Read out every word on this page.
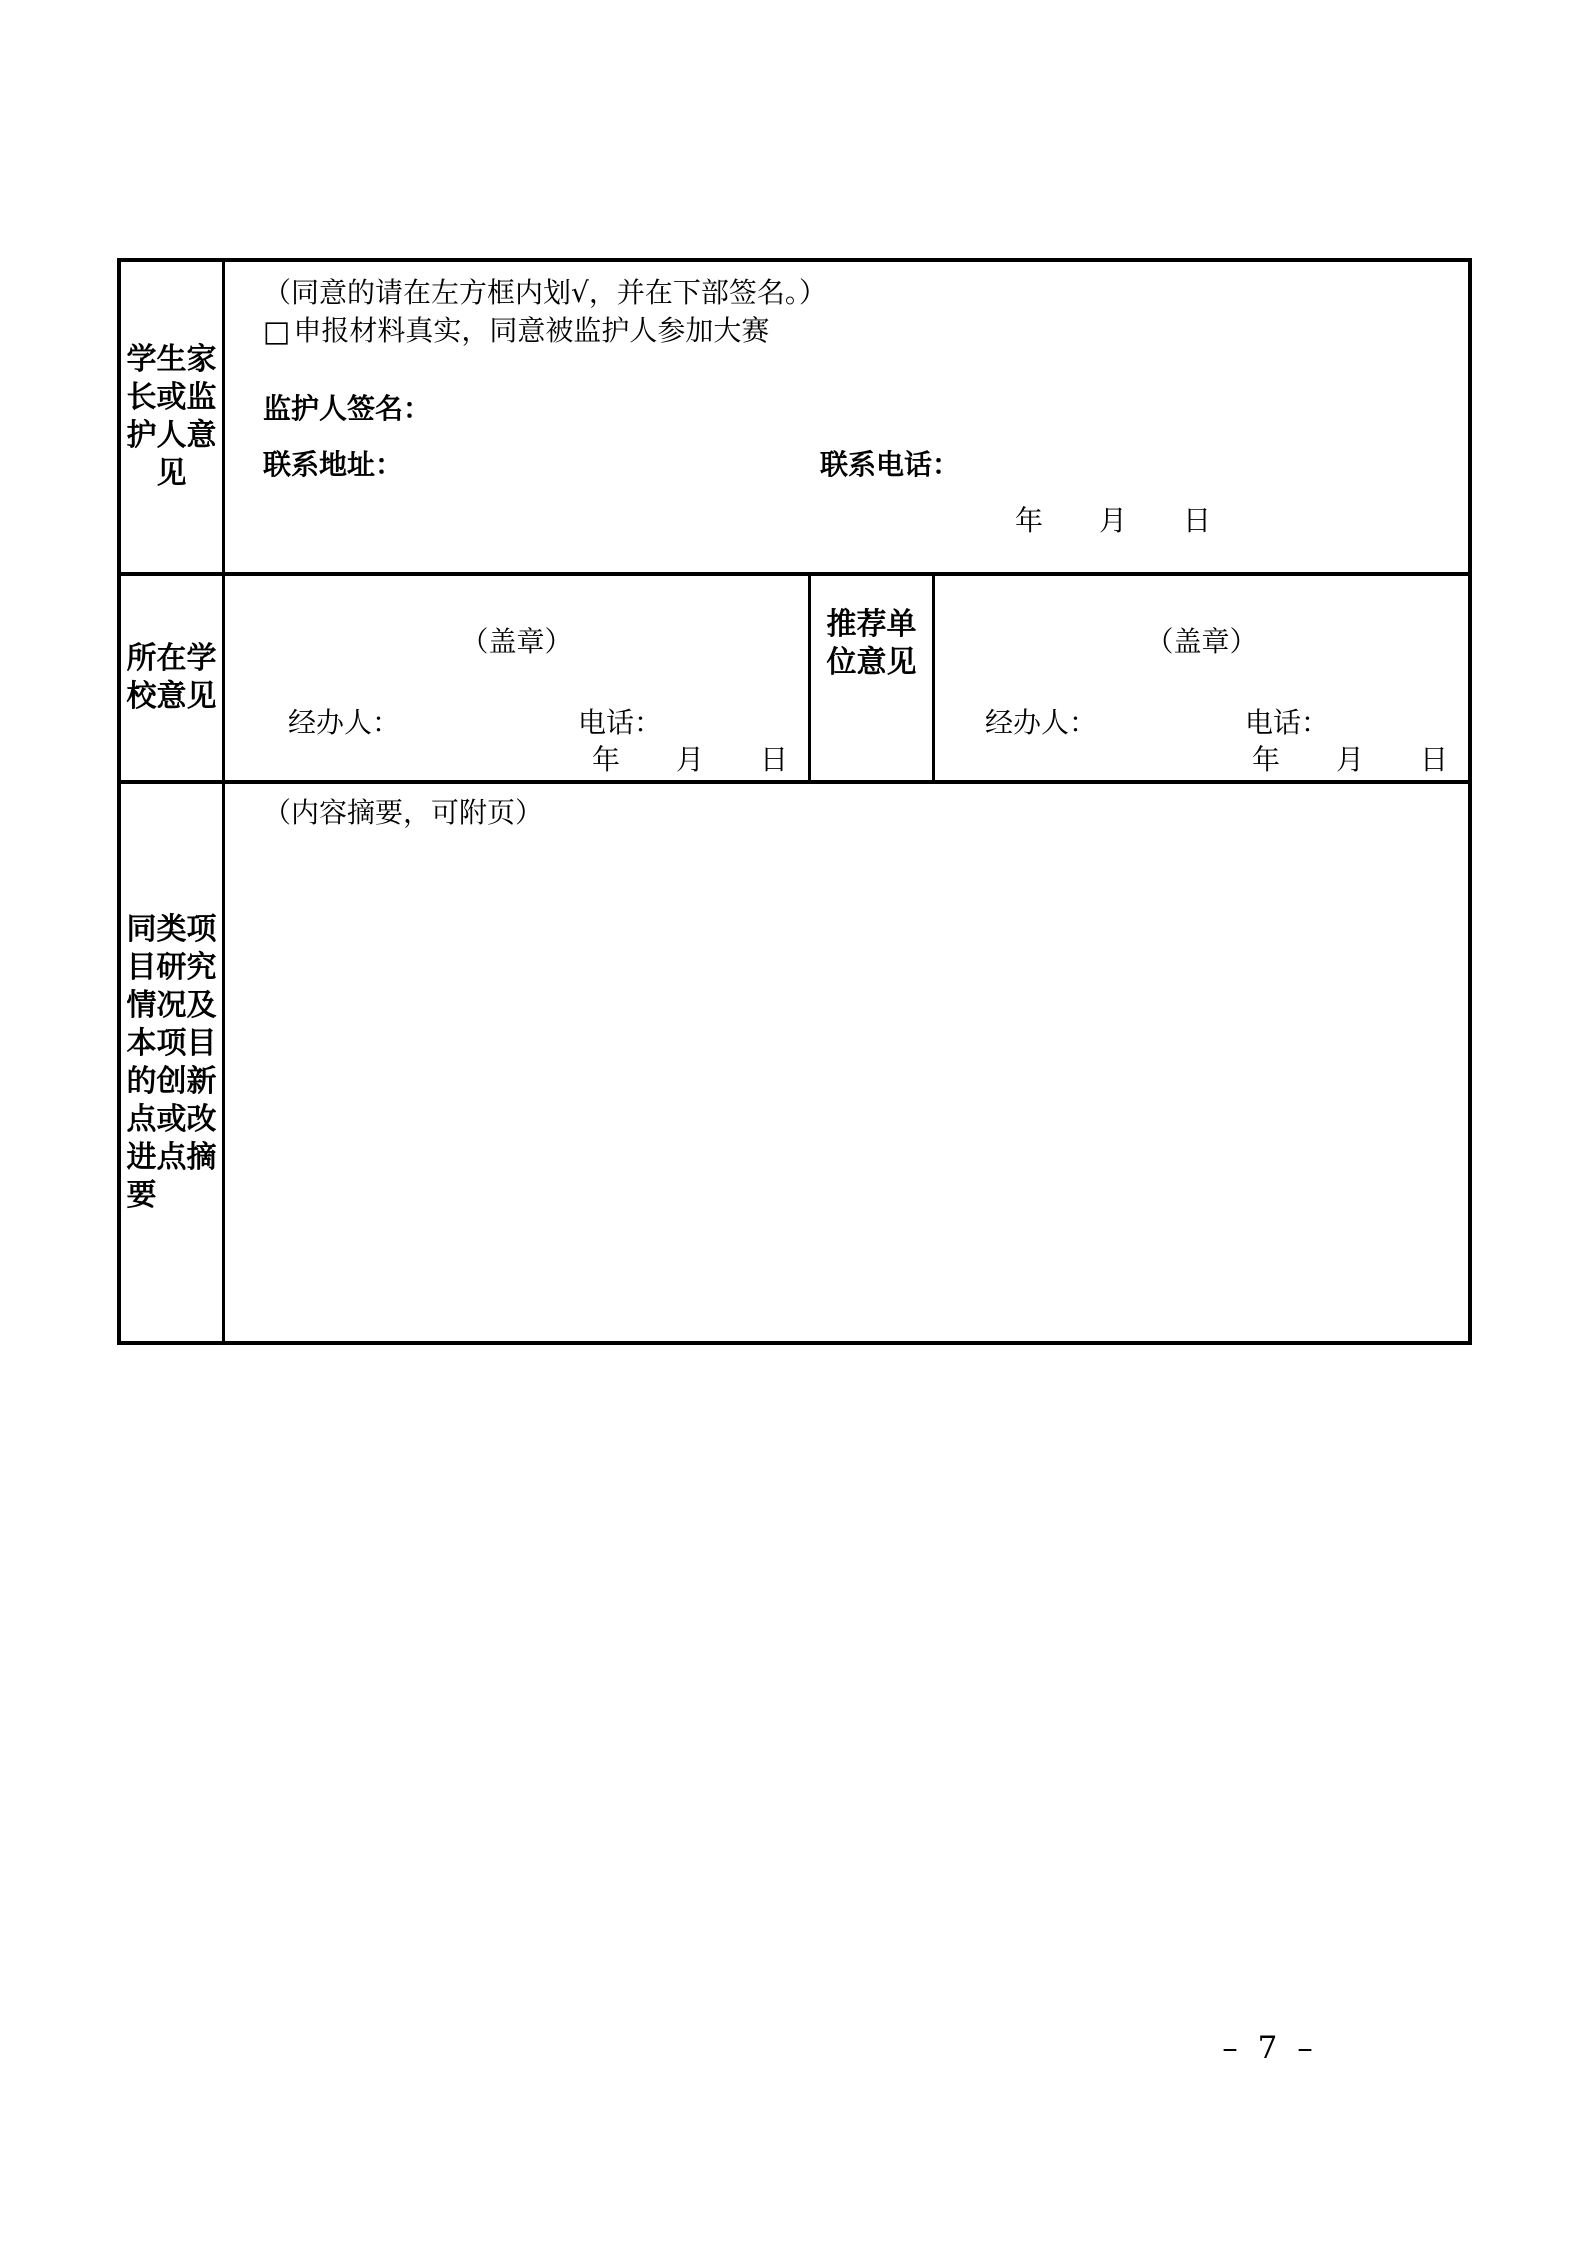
学生家长或监护人意见
（同意的请在左方框内划√，并在下部签名。）
□ 申报材料真实，同意被监护人参加大赛
监护人签名：
联系地址：	联系电话：
年　　月　　日
所在学校意见
（盖章）
经办人：	电话：
年　　月　　日
推荐单位意见
（盖章）
经办人：	电话：
年　　月　　日
同类项目研究情况及本项目的创新点或改进点摘要
（内容摘要，可附页）
– 7 –
